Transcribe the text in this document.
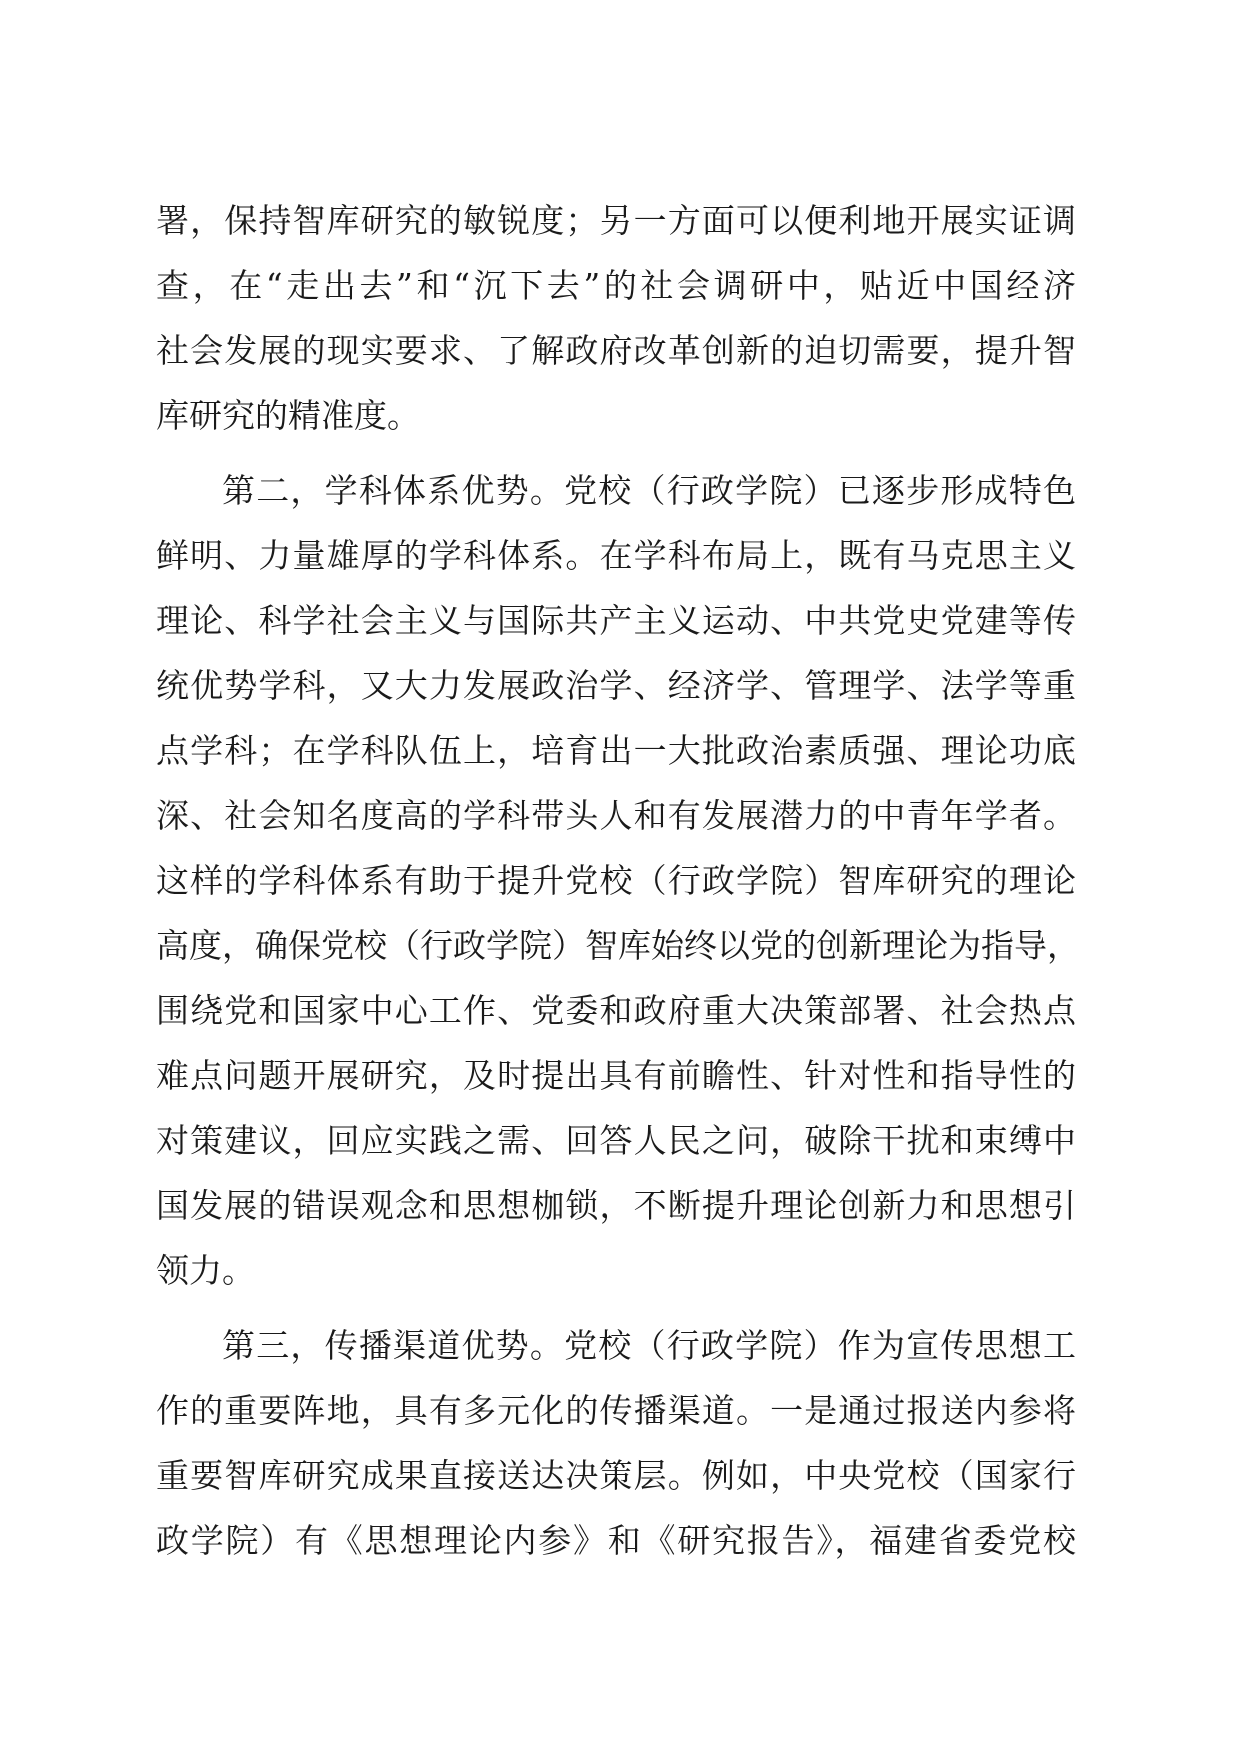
署，保持智库研究的敏锐度；另一方面可以便利地开展实证调
查，在“走出去”和“沉下去”的社会调研中，贴近中国经济
社会发展的现实要求、了解政府改革创新的迫切需要，提升智
库研究的精准度。
第二，学科体系优势。党校（行政学院）已逐步形成特色
鲜明、力量雄厚的学科体系。在学科布局上，既有马克思主义
理论、科学社会主义与国际共产主义运动、中共党史党建等传
统优势学科，又大力发展政治学、经济学、管理学、法学等重
点学科；在学科队伍上，培育出一大批政治素质强、理论功底
深、社会知名度高的学科带头人和有发展潜力的中青年学者。
这样的学科体系有助于提升党校（行政学院）智库研究的理论
高度，确保党校（行政学院）智库始终以党的创新理论为指导，
围绕党和国家中心工作、党委和政府重大决策部署、社会热点
难点问题开展研究，及时提出具有前瞻性、针对性和指导性的
对策建议，回应实践之需、回答人民之问，破除干扰和束缚中
国发展的错误观念和思想枷锁，不断提升理论创新力和思想引
领力。
第三，传播渠道优势。党校（行政学院）作为宣传思想工
作的重要阵地，具有多元化的传播渠道。一是通过报送内参将
重要智库研究成果直接送达决策层。例如，中央党校（国家行
政学院）有《思想理论内参》和《研究报告》，福建省委党校
